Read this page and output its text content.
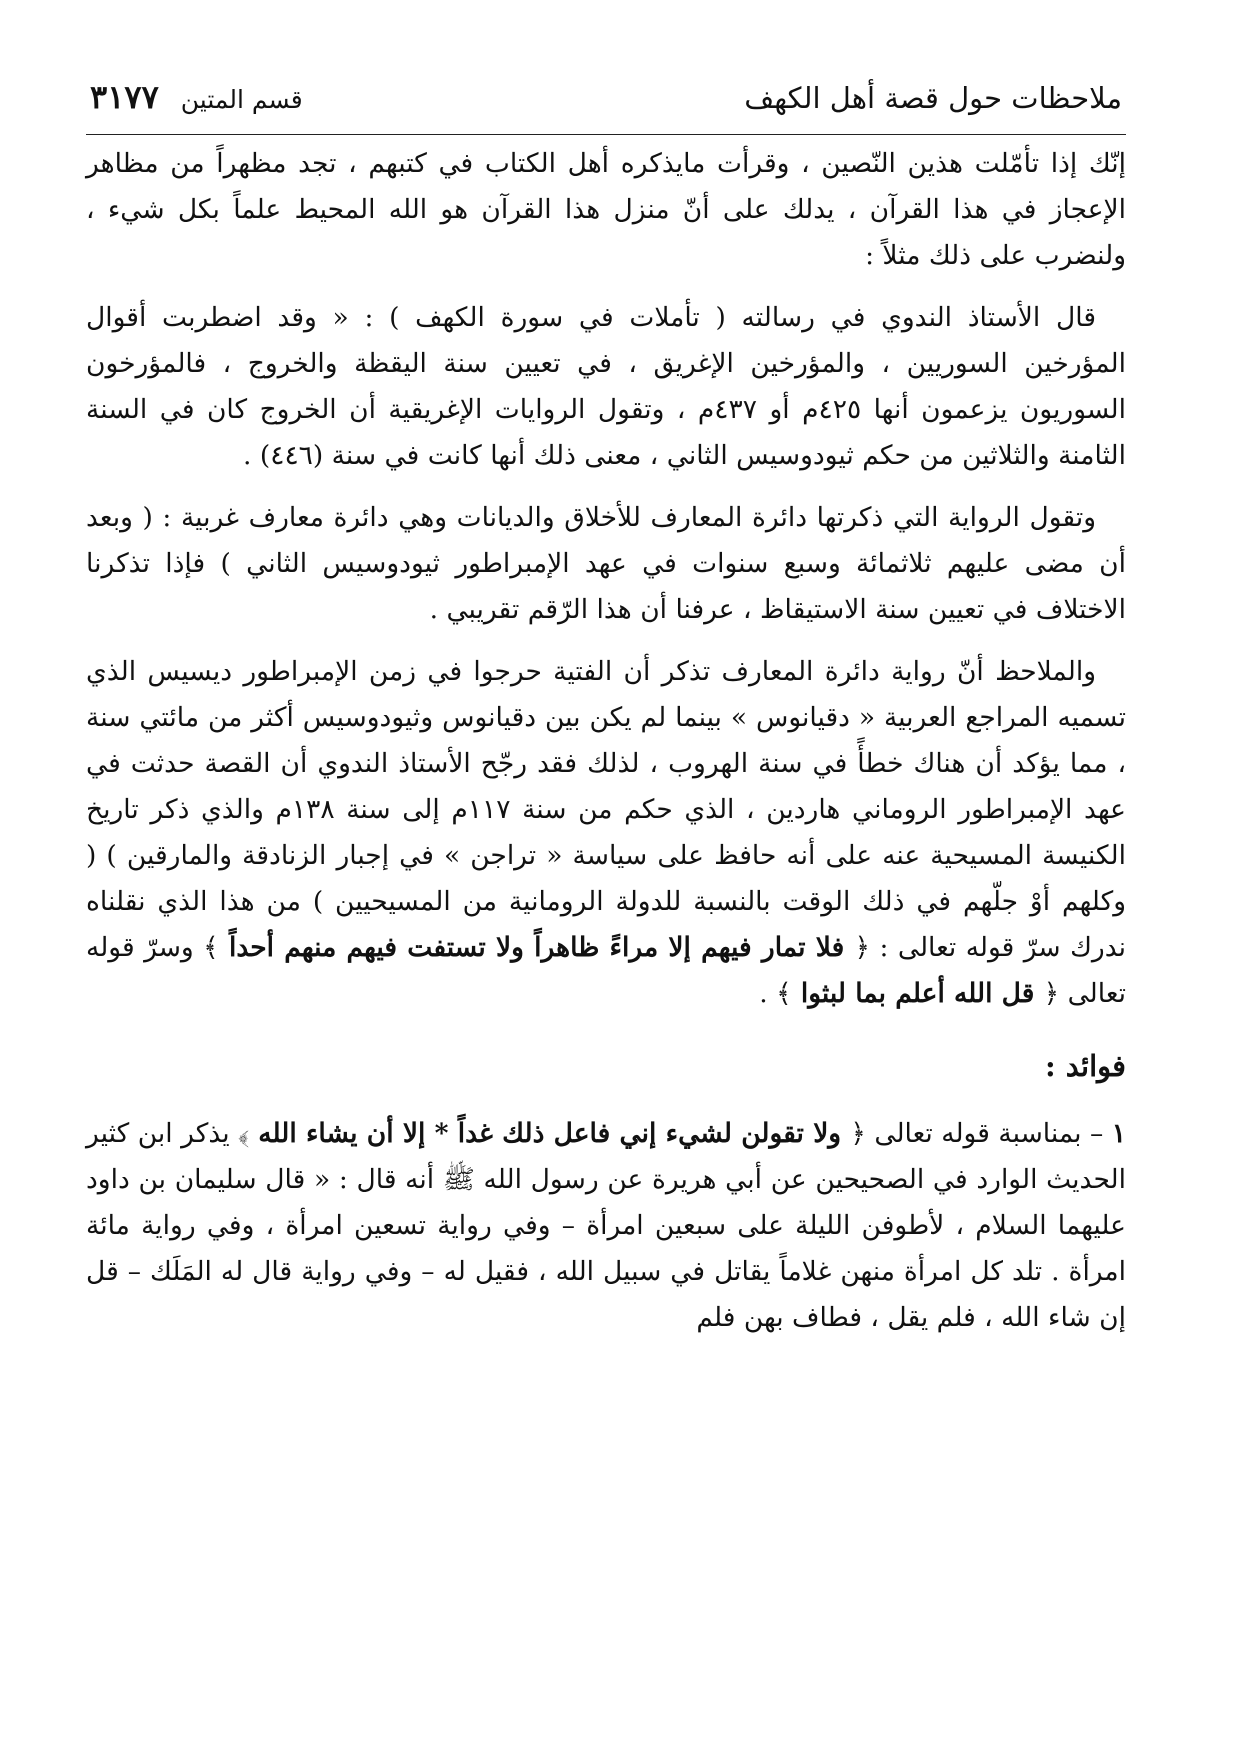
ملاحظات حول قصة أهل الكهف
قسم المتين
٣١٧٧

إنّك إذا تأمّلت هذين النّصين ، وقرأت مايذكره أهل الكتاب في كتبهم ، تجد مظهراً من مظاهر الإعجاز في هذا القرآن ، يدلك على أنّ منزل هذا القرآن هو الله المحيط علماً بكل شيء ، ولنضرب على ذلك مثلاً :

قال الأستاذ الندوي في رسالته ( تأملات في سورة الكهف ) : « وقد اضطربت أقوال المؤرخين السوريين ، والمؤرخين الإغريق ، في تعيين سنة اليقظة والخروج ، فالمؤرخون السوريون يزعمون أنها ٤٢٥م أو ٤٣٧م ، وتقول الروايات الإغريقية أن الخروج كان في السنة الثامنة والثلاثين من حكم ثيودوسيس الثاني ، معنى ذلك أنها كانت في سنة (٤٤٦) .

وتقول الرواية التي ذكرتها دائرة المعارف للأخلاق والديانات وهي دائرة معارف غربية : ( وبعد أن مضى عليهم ثلاثمائة وسبع سنوات في عهد الإمبراطور ثيودوسيس الثاني ) فإذا تذكرنا الاختلاف في تعيين سنة الاستيقاظ ، عرفنا أن هذا الرّقم تقريبي .

والملاحظ أنّ رواية دائرة المعارف تذكر أن الفتية حرجوا في زمن الإمبراطور ديسيس الذي تسميه المراجع العربية « دقيانوس » بينما لم يكن بين دقيانوس وثيودوسيس أكثر من مائتي سنة ، مما يؤكد أن هناك خطأً في سنة الهروب ، لذلك فقد رجّح الأستاذ الندوي أن القصة حدثت في عهد الإمبراطور الروماني هاردين ، الذي حكم من سنة ١١٧م إلى سنة ١٣٨م والذي ذكر تاريخ الكنيسة المسيحية عنه على أنه حافظ على سياسة « تراجن » في إجبار الزنادقة والمارقين ) ( وكلهم أوْ جلّهم في ذلك الوقت بالنسبة للدولة الرومانية من المسيحيين ) من هذا الذي نقلناه ندرك سرّ قوله تعالى : ﴿ فلا تمار فيهم إلا مراءً ظاهراً ولا تستفت فيهم منهم أحداً ﴾ وسرّ قوله تعالى ﴿ قل الله أعلم بما لبثوا ﴾ .

فوائد :

١ – بمناسبة قوله تعالى ﴿ ولا تقولن لشيء إني فاعل ذلك غداً * إلا أن يشاء الله ﴾ يذكر ابن كثير الحديث الوارد في الصحيحين عن أبي هريرة عن رسول الله ﷺ أنه قال : « قال سليمان بن داود عليهما السلام ، لأطوفن الليلة على سبعين امرأة – وفي رواية تسعين امرأة ، وفي رواية مائة امرأة . تلد كل امرأة منهن غلاماً يقاتل في سبيل الله ، فقيل له – وفي رواية قال له المَلَك – قل إن شاء الله ، فلم يقل ، فطاف بهن فلم
